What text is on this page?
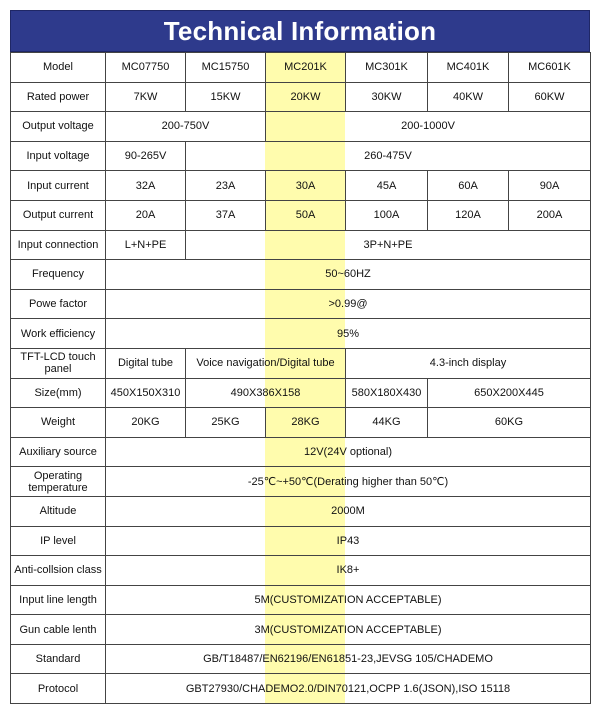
Technical Information
Model	MC07750	MC15750	MC201K	MC301K	MC401K	MC601K
Rated power	7KW	15KW	20KW	30KW	40KW	60KW
Output voltage	200-750V		200-1000V			
Input voltage	90-265V	260-475V				
Input current	32A	23A	30A	45A	60A	90A
Output current	20A	37A	50A	100A	120A	200A
Input connection	L+N+PE	3P+N+PE				
Frequency	50~60HZ					
Powe factor	>0.99@					
Work efficiency	95%					
TFT-LCD touch panel	Digital tube	Voice navigation/Digital tube		4.3-inch display		
Size(mm)	450X150X310	490X386X158		580X180X430	650X200X445	
Weight	20KG	25KG	28KG	44KG	60KG	
Auxiliary source	12V(24V optional)					
Operating temperature	-25℃~+50℃(Derating higher than 50℃)					
Altitude	2000M					
IP level	IP43					
Anti-collsion class	IK8+					
Input line length	5M(CUSTOMIZATION ACCEPTABLE)					
Gun cable lenth	3M(CUSTOMIZATION ACCEPTABLE)					
Standard	GB/T18487/EN62196/EN61851-23,JEVSG 105/CHADEMO					
Protocol	GBT27930/CHADEMO2.0/DIN70121,OCPP 1.6(JSON),ISO 15118					
